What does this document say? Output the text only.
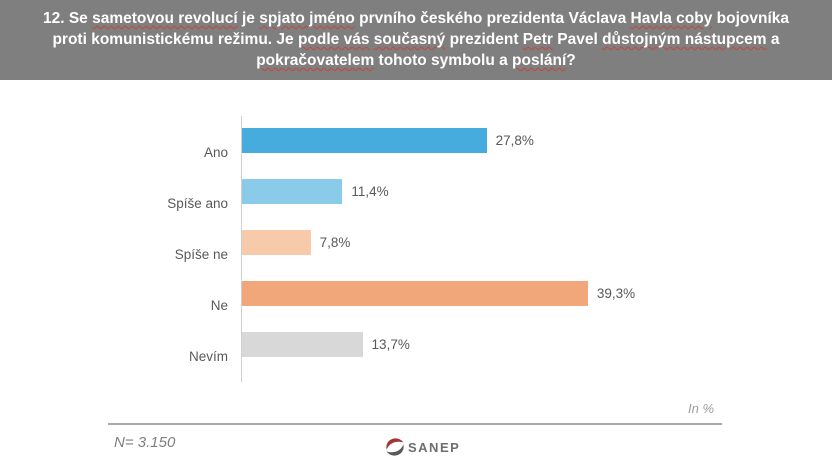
12. Se sametovou revolucí je spjato jméno prvního českého prezidenta Václava Havla coby bojovníka
proti komunistickému režimu. Je podle vás současný prezident Petr Pavel důstojným nástupcem a
pokračovatelem tohoto symbolu a poslání?
Ano
27,8%
Spíše ano
11,4%
Spíše ne
7,8%
Ne
39,3%
Nevím
13,7%
In %
N= 3.150	SANEP
